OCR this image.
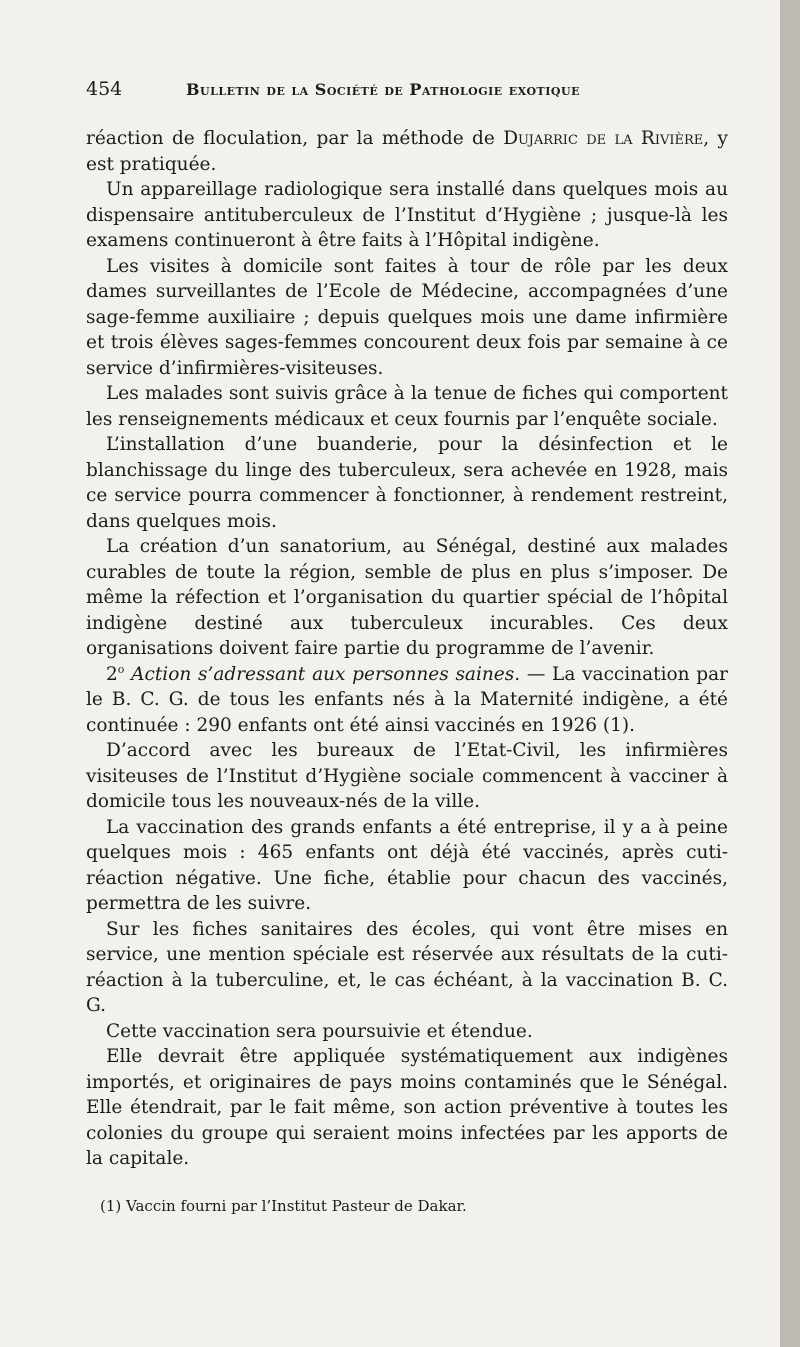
454	Bulletin de la Société de Pathologie exotique

réaction de floculation, par la méthode de Dujarric de la Rivière, y est pratiquée.

Un appareillage radiologique sera installé dans quelques mois au dispensaire antituberculeux de l’Institut d’Hygiène ; jusque-là les examens continueront à être faits à l’Hôpital indigène.

Les visites à domicile sont faites à tour de rôle par les deux dames surveillantes de l’Ecole de Médecine, accompagnées d’une sage-femme auxiliaire ; depuis quelques mois une dame infirmière et trois élèves sages-femmes concourent deux fois par semaine à ce service d’infirmières-visiteuses.

Les malades sont suivis grâce à la tenue de fiches qui comportent les renseignements médicaux et ceux fournis par l’enquête sociale.

L’installation d’une buanderie, pour la désinfection et le blanchissage du linge des tuberculeux, sera achevée en 1928, mais ce service pourra commencer à fonctionner, à rendement restreint, dans quelques mois.

La création d’un sanatorium, au Sénégal, destiné aux malades curables de toute la région, semble de plus en plus s’imposer. De même la réfection et l’organisation du quartier spécial de l’hôpital indigène destiné aux tuberculeux incurables. Ces deux organisations doivent faire partie du programme de l’avenir.

2$^o$ Action s’adressant aux personnes saines. — La vaccination par le B. C. G. de tous les enfants nés à la Maternité indigène, a été continuée : 290 enfants ont été ainsi vaccinés en 1926 (1).

D’accord avec les bureaux de l’Etat-Civil, les infirmières visiteuses de l’Institut d’Hygiène sociale commencent à vacciner à domicile tous les nouveaux-nés de la ville.

La vaccination des grands enfants a été entreprise, il y a à peine quelques mois : 465 enfants ont déjà été vaccinés, après cuti-réaction négative. Une fiche, établie pour chacun des vaccinés, permettra de les suivre.

Sur les fiches sanitaires des écoles, qui vont être mises en service, une mention spéciale est réservée aux résultats de la cuti-réaction à la tuberculine, et, le cas échéant, à la vaccination B. C. G.

Cette vaccination sera poursuivie et étendue.

Elle devrait être appliquée systématiquement aux indigènes importés, et originaires de pays moins contaminés que le Sénégal. Elle étendrait, par le fait même, son action préventive à toutes les colonies du groupe qui seraient moins infectées par les apports de la capitale.

(1) Vaccin fourni par l’Institut Pasteur de Dakar.
